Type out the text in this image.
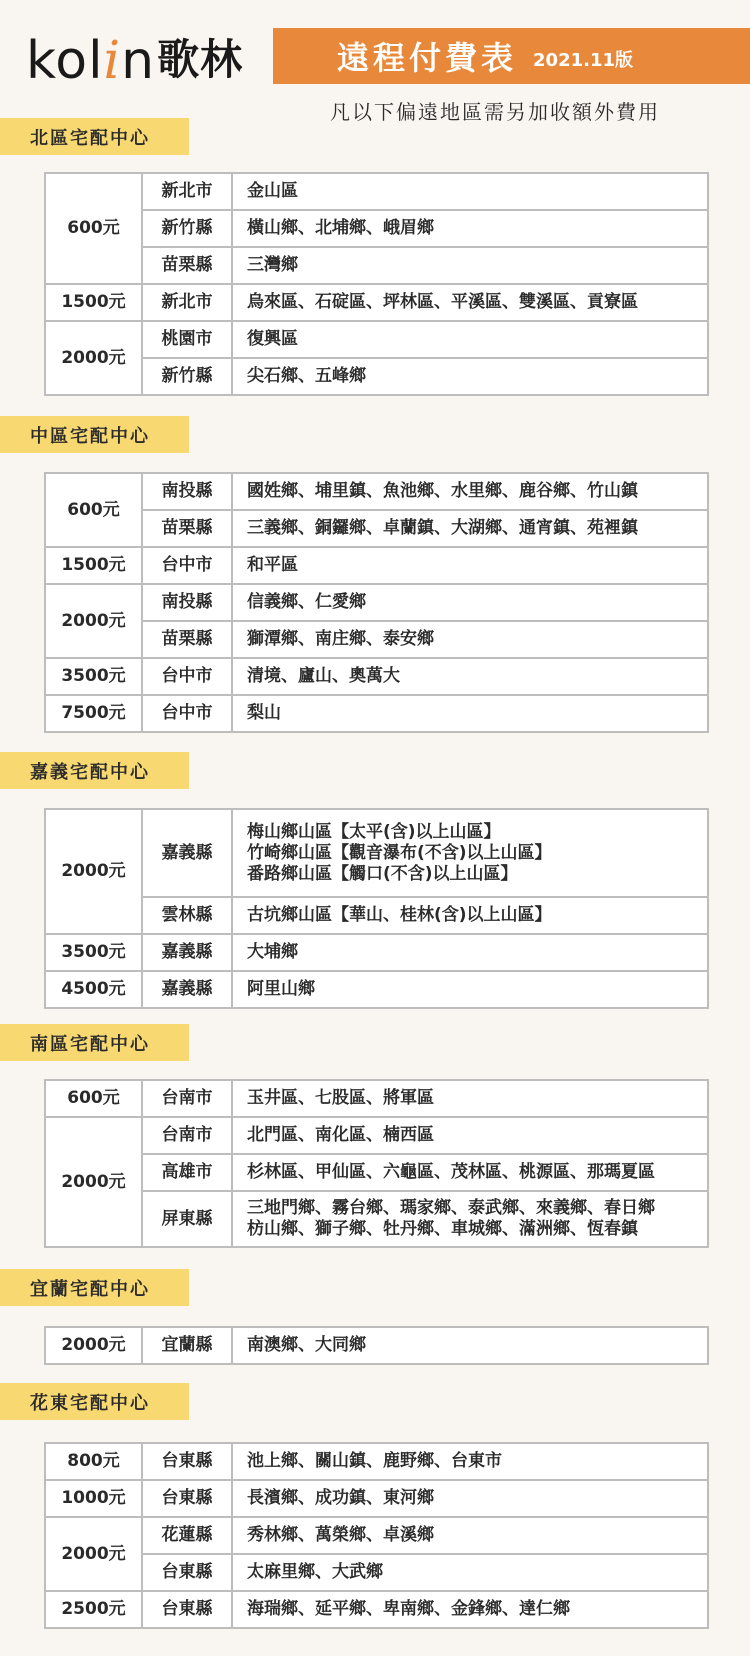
kolin歌林	遠程付費表 2021.11版
凡以下偏遠地區需另加收額外費用
北區宅配中心
600元	新北市	金山區

	新竹縣	橫山鄉、北埔鄉、峨眉鄉

	苗栗縣	三灣鄉

1500元	新北市	烏來區、石碇區、坪林區、平溪區、雙溪區、貢寮區

2000元	桃園市	復興區

	新竹縣	尖石鄉、五峰鄉
中區宅配中心
600元	南投縣	國姓鄉、埔里鎮、魚池鄉、水里鄉、鹿谷鄉、竹山鎮

	苗栗縣	三義鄉、銅鑼鄉、卓蘭鎮、大湖鄉、通宵鎮、苑裡鎮

1500元	台中市	和平區

2000元	南投縣	信義鄉、仁愛鄉

	苗栗縣	獅潭鄉、南庄鄉、泰安鄉

3500元	台中市	清境、廬山、奧萬大

7500元	台中市	梨山
嘉義宅配中心
2000元	嘉義縣	梅山鄉山區【太平(含)以上山區】
竹崎鄉山區【觀音瀑布(不含)以上山區】
番路鄉山區【觸口(不含)以上山區】

	雲林縣	古坑鄉山區【華山、桂林(含)以上山區】

3500元	嘉義縣	大埔鄉

4500元	嘉義縣	阿里山鄉
南區宅配中心
600元	台南市	玉井區、七股區、將軍區

2000元	台南市	北門區、南化區、楠西區

	高雄市	杉林區、甲仙區、六龜區、茂林區、桃源區、那瑪夏區

	屏東縣	三地門鄉、霧台鄉、瑪家鄉、泰武鄉、來義鄉、春日鄉
枋山鄉、獅子鄉、牡丹鄉、車城鄉、滿洲鄉、恆春鎮
宜蘭宅配中心
2000元	宜蘭縣	南澳鄉、大同鄉
花東宅配中心
800元	台東縣	池上鄉、關山鎮、鹿野鄉、台東市

1000元	台東縣	長濱鄉、成功鎮、東河鄉

2000元	花蓮縣	秀林鄉、萬榮鄉、卓溪鄉

	台東縣	太麻里鄉、大武鄉

2500元	台東縣	海瑞鄉、延平鄉、卑南鄉、金鋒鄉、達仁鄉
